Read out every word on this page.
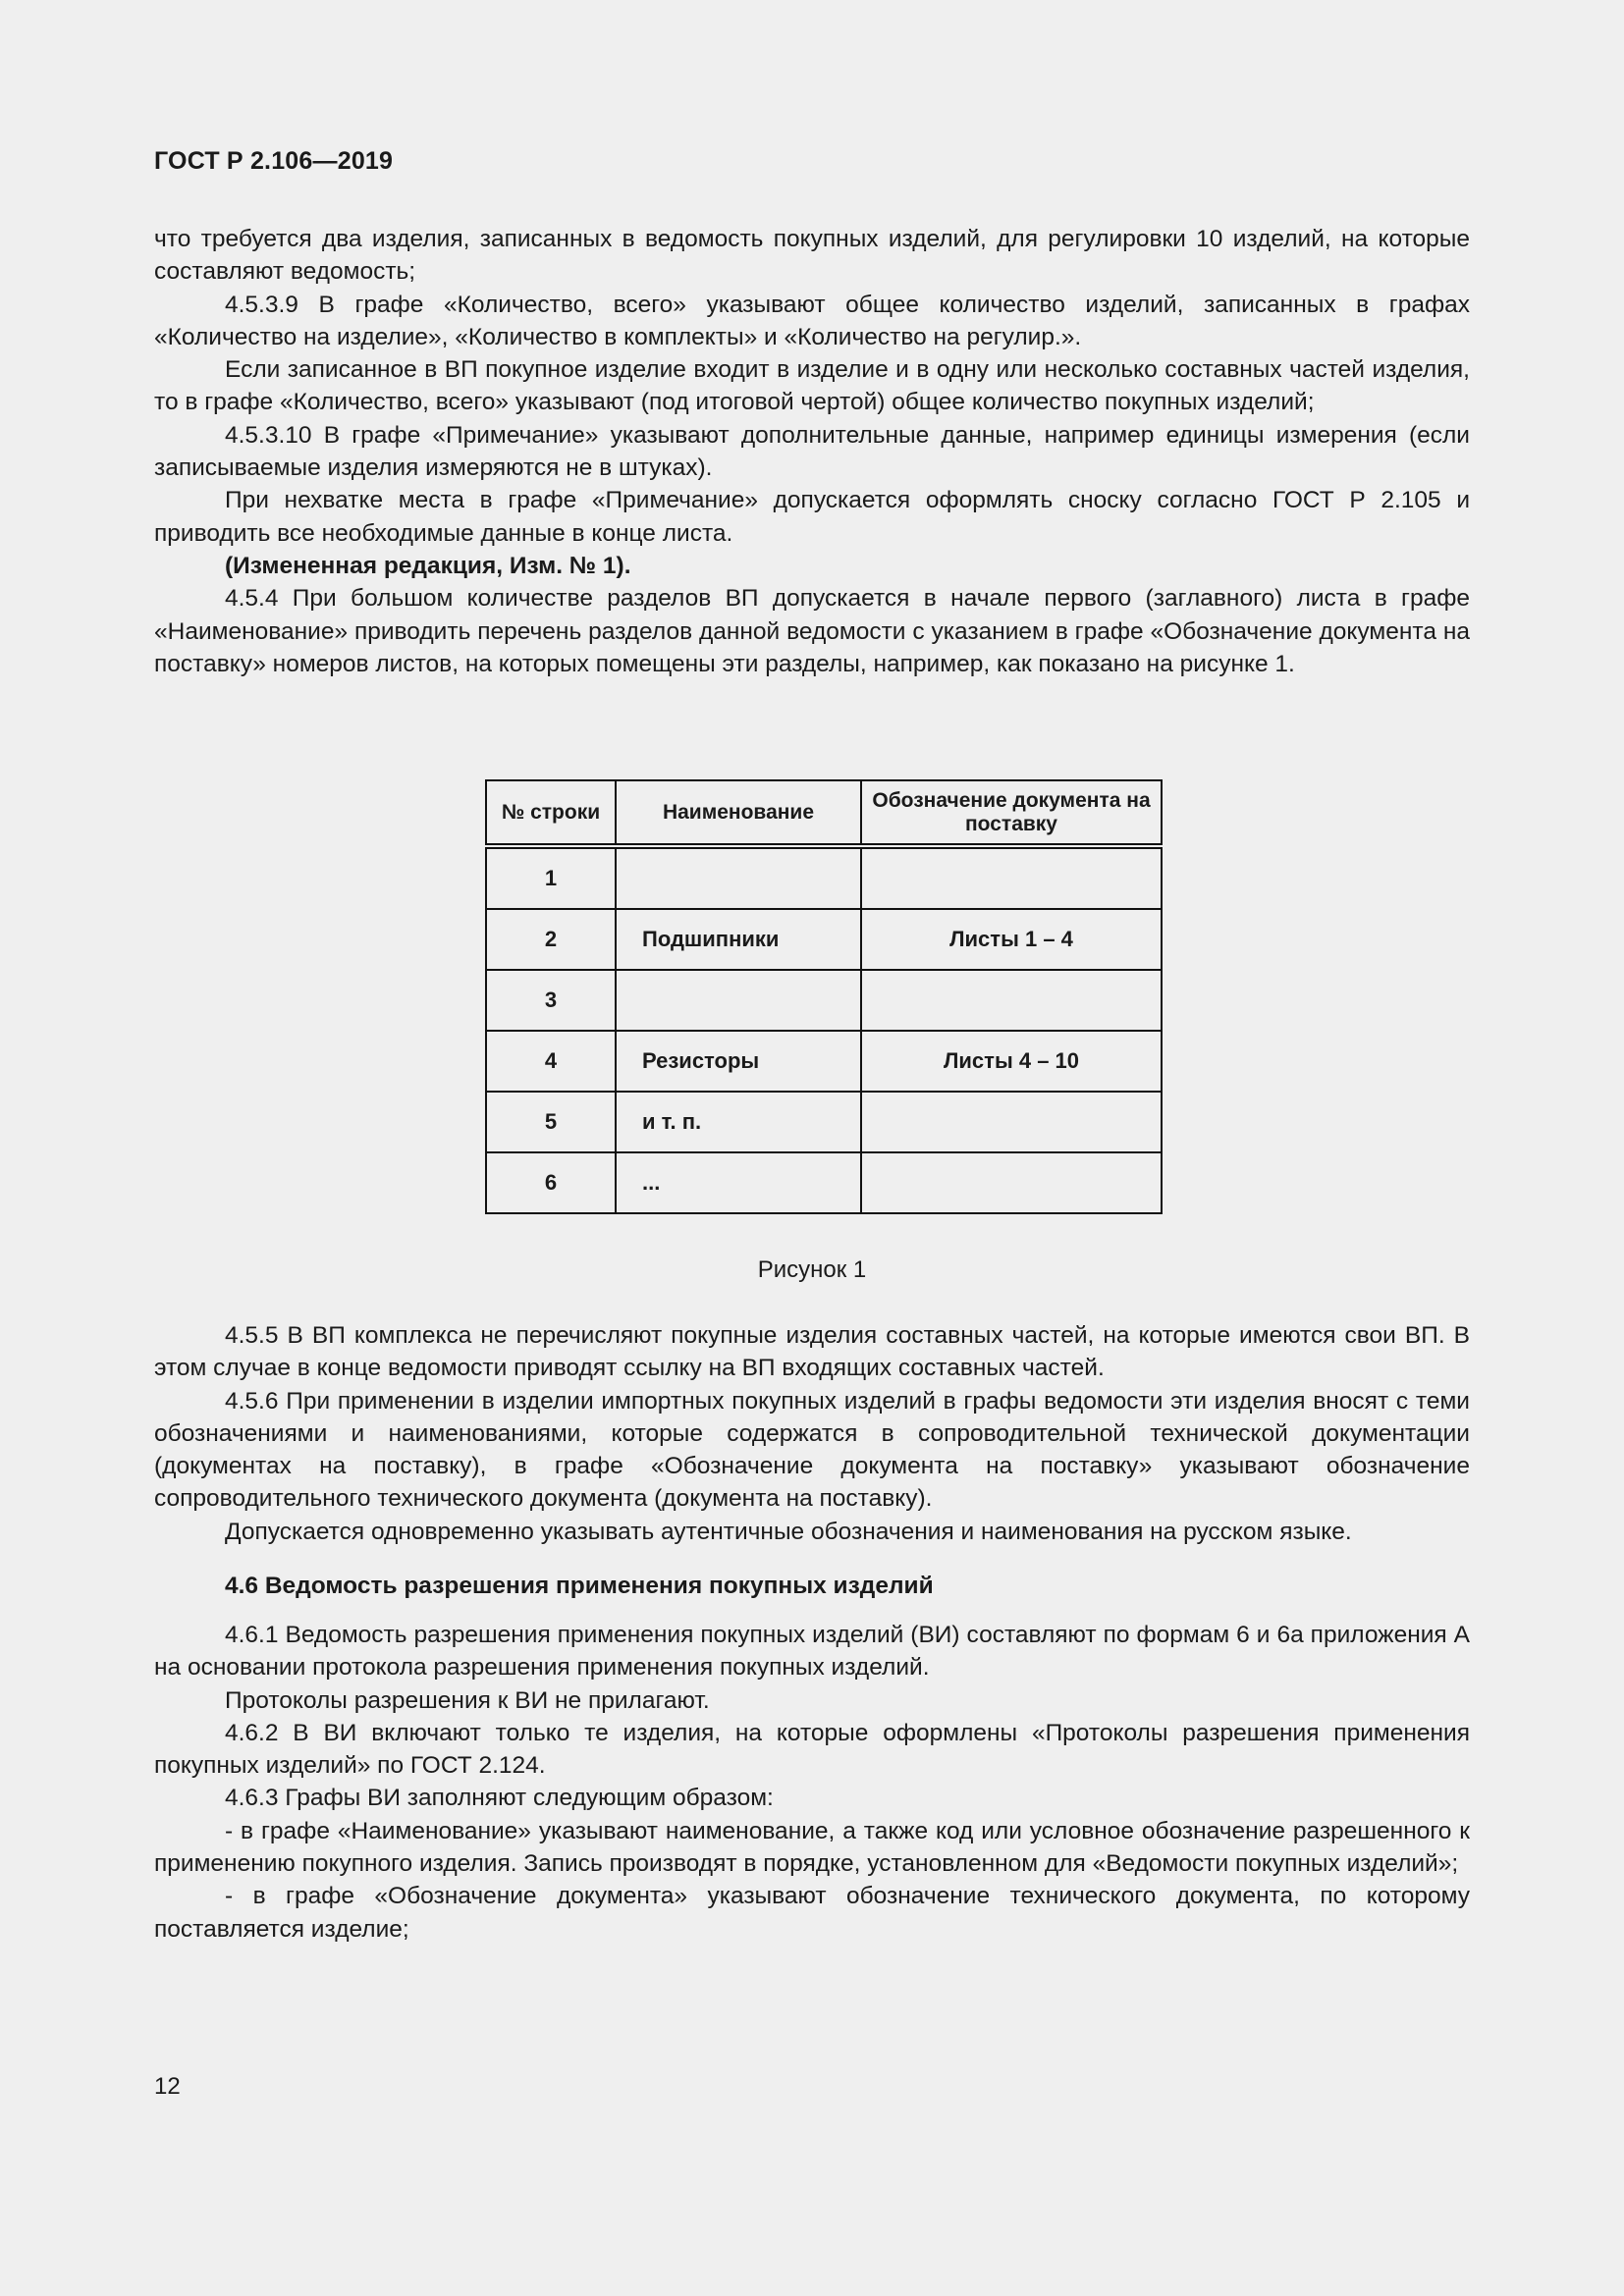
ГОСТ Р 2.106—2019

что требуется два изделия, записанных в ведомость покупных изделий, для регулировки 10 изделий, на которые составляют ведомость;

4.5.3.9 В графе «Количество, всего» указывают общее количество изделий, записанных в графах «Количество на изделие», «Количество в комплекты» и «Количество на регулир.».

Если записанное в ВП покупное изделие входит в изделие и в одну или несколько составных частей изделия, то в графе «Количество, всего» указывают (под итоговой чертой) общее количество покупных изделий;

4.5.3.10 В графе «Примечание» указывают дополнительные данные, например единицы измерения (если записываемые изделия измеряются не в штуках).

При нехватке места в графе «Примечание» допускается оформлять сноску согласно ГОСТ Р 2.105 и приводить все необходимые данные в конце листа.

(Измененная редакция, Изм. № 1).

4.5.4 При большом количестве разделов ВП допускается в начале первого (заглавного) листа в графе «Наименование» приводить перечень разделов данной ведомости с указанием в графе «Обозначение документа на поставку» номеров листов, на которых помещены эти разделы, например, как показано на рисунке 1.

№ строки	Наименование	Обозначение документа на поставку
1		
2	Подшипники	Листы 1 – 4
3		
4	Резисторы	Листы 4 – 10
5	и т. п.	
6	...	
Рисунок 1

4.5.5 В ВП комплекса не перечисляют покупные изделия составных частей, на которые имеются свои ВП. В этом случае в конце ведомости приводят ссылку на ВП входящих составных частей.

4.5.6 При применении в изделии импортных покупных изделий в графы ведомости эти изделия вносят с теми обозначениями и наименованиями, которые содержатся в сопроводительной технической документации (документах на поставку), в графе «Обозначение документа на поставку» указывают обозначение сопроводительного технического документа (документа на поставку).

Допускается одновременно указывать аутентичные обозначения и наименования на русском языке.

4.6 Ведомость разрешения применения покупных изделий

4.6.1 Ведомость разрешения применения покупных изделий (ВИ) составляют по формам 6 и 6а приложения А на основании протокола разрешения применения покупных изделий.

Протоколы разрешения к ВИ не прилагают.

4.6.2 В ВИ включают только те изделия, на которые оформлены «Протоколы разрешения применения покупных изделий» по ГОСТ 2.124.

4.6.3 Графы ВИ заполняют следующим образом:

- в графе «Наименование» указывают наименование, а также код или условное обозначение разрешенного к применению покупного изделия. Запись производят в порядке, установленном для «Ведомости покупных изделий»;

- в графе «Обозначение документа» указывают обозначение технического документа, по которому поставляется изделие;

12
